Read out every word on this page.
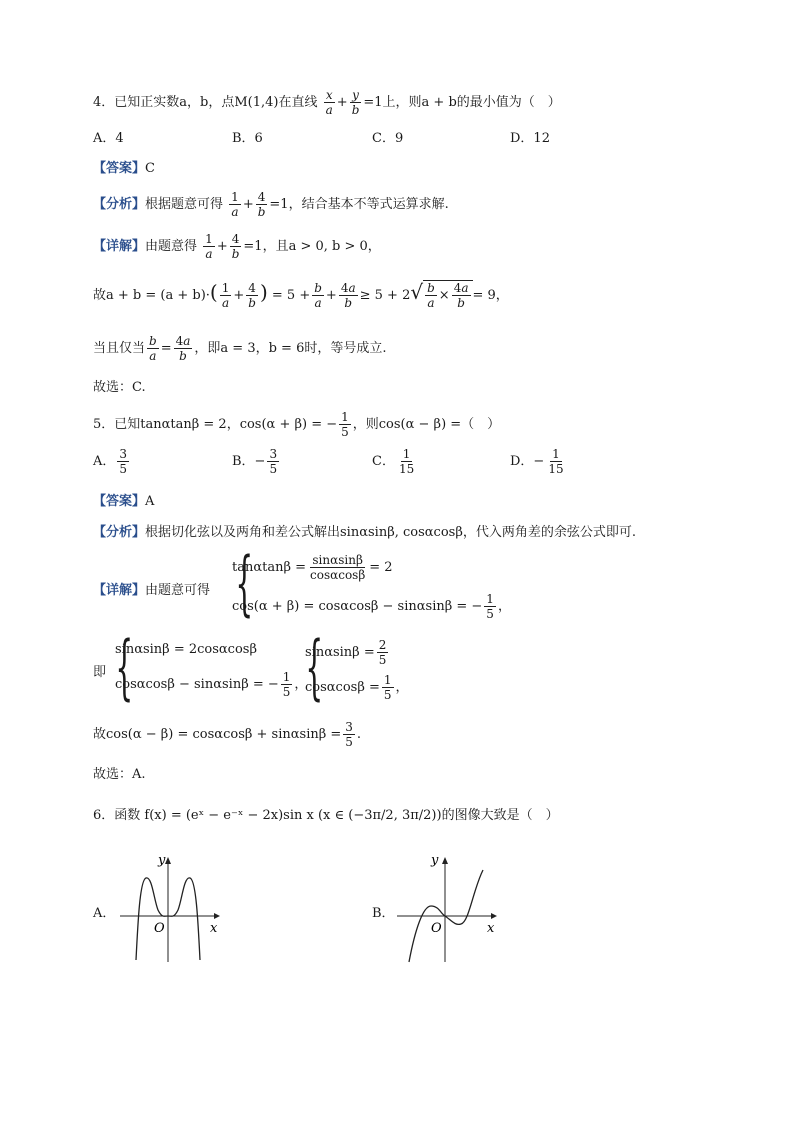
4．已知正实数a，b，点M(1,4)在直线 $\frac{x}{a} + \frac{y}{b} =1$上，则a + b的最小值为（　）
A．4	B．6	C．9	D．12
【答案】C
【分析】根据题意可得 $\frac{1}{a} + \frac{4}{b} =1$，结合基本不等式运算求解.
【详解】由题意得 $\frac{1}{a} + \frac{4}{b} =1$，且a > 0, b > 0，
故$a + b = (a + b)\cdot( \frac{1}{a} + \frac{4}{b}$ ) = $5 + \frac{b}{a} + \frac{4a}{b} \ge 5 + 2√ \frac{b}{a} \times \frac{4a}{b} = 9$，
当且仅当 $\frac{b}{a} = \frac{4a}{b}$ ，即a = 3，b = 6时，等号成立.
故选：C.
5．已知tanαtanβ = 2，cos(α + β) = − $\frac{1}{5}$ ，则cos(α − β) =（　）
A． $\frac{3}{5}$	B．− $\frac{3}{5}$	C． $\frac{1}{15}$	D．− $\frac{1}{15}$
【答案】A
【分析】根据切化弦以及两角和差公式解出sinαsinβ, cosαcosβ，代入两角差的余弦公式即可.
【详解】由题意可得 {
$\tan\alpha\tan\beta = \frac{\sin\alpha\sin\beta}{\cos\alpha\cos\beta} = 2$
cos(α + β) = cosαcosβ − sinαsinβ = − $\frac{1}{5}$ ，
即 {
sinαsinβ = 2cosαcosβ
cosαcosβ − sinαsinβ = − $\frac{1}{5}$ ，
{
$\sin\alpha\sin\beta = \frac{2}{5}$
$\cos\alpha\cos\beta = \frac{1}{5}$ ，
故$\cos(\alpha - \beta) = \cos\alpha\cos\beta + \sin\alpha\sin\beta = \frac{3}{5}$ .
故选：A.
6．函数 f(x) = (eˣ − e⁻ˣ − 2x)sin x (x ∈ (−3π/2, 3π/2))的图像大致是（　）
A．
y
x
O
B．
y
x
O
